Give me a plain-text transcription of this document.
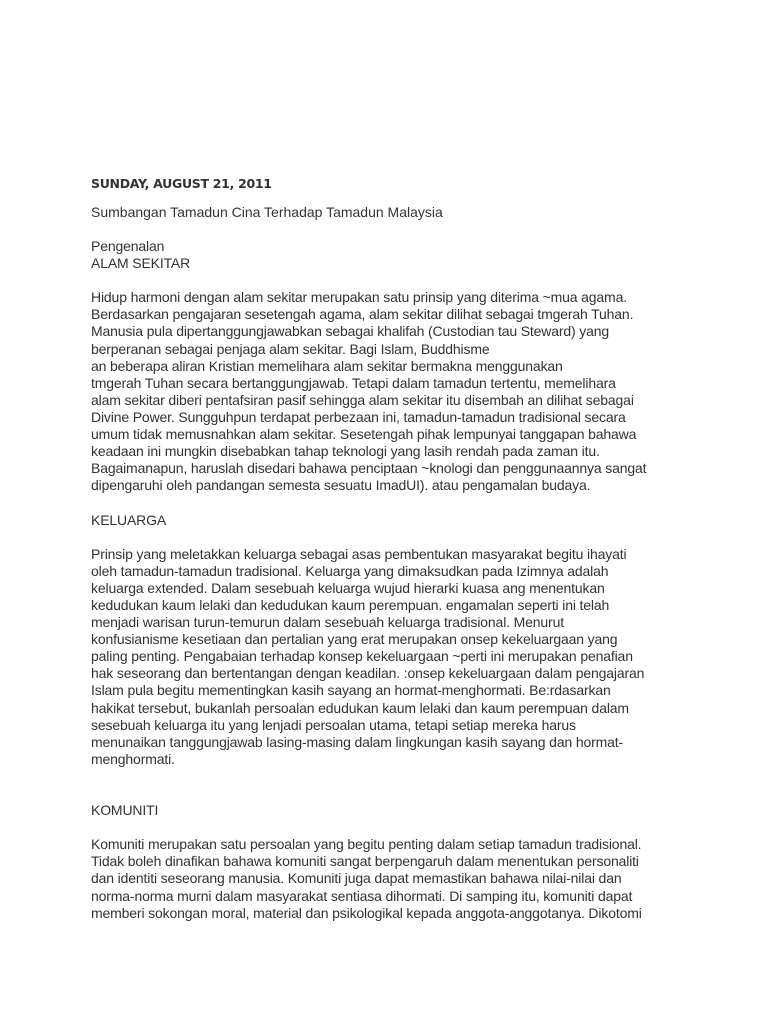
SUNDAY, AUGUST 21, 2011
Sumbangan Tamadun Cina Terhadap Tamadun Malaysia
Pengenalan
ALAM SEKITAR
Hidup harmoni dengan alam sekitar merupakan satu prinsip yang diterima ~mua agama.
Berdasarkan pengajaran sesetengah agama, alam sekitar dilihat sebagai tmgerah Tuhan.
Manusia pula dipertanggungjawabkan sebagai khalifah (Custodian tau Steward) yang
berperanan sebagai penjaga alam sekitar. Bagi Islam, Buddhisme
an beberapa aliran Kristian memelihara alam sekitar bermakna menggunakan
tmgerah Tuhan secara bertanggungjawab. Tetapi dalam tamadun tertentu, memelihara
alam sekitar diberi pentafsiran pasif sehingga alam sekitar itu disembah an dilihat sebagai
Divine Power. Sungguhpun terdapat perbezaan ini, tamadun-tamadun tradisional secara
umum tidak memusnahkan alam sekitar. Sesetengah pihak lempunyai tanggapan bahawa
keadaan ini mungkin disebabkan tahap teknologi yang lasih rendah pada zaman itu.
Bagaimanapun, haruslah disedari bahawa penciptaan ~knologi dan penggunaannya sangat
dipengaruhi oleh pandangan semesta sesuatu ImadUI). atau pengamalan budaya.
KELUARGA
Prinsip yang meletakkan keluarga sebagai asas pembentukan masyarakat begitu ihayati
oleh tamadun-tamadun tradisional. Keluarga yang dimaksudkan pada Izimnya adalah
keluarga extended. Dalam sesebuah keluarga wujud hierarki kuasa ang menentukan
kedudukan kaum lelaki dan kedudukan kaum perempuan. engamalan seperti ini telah
menjadi warisan turun-temurun dalam sesebuah keluarga tradisional. Menurut
konfusianisme kesetiaan dan pertalian yang erat merupakan onsep kekeluargaan yang
paling penting. Pengabaian terhadap konsep kekeluargaan ~perti ini merupakan penafian
hak seseorang dan bertentangan dengan keadilan. :onsep kekeluargaan dalam pengajaran
Islam pula begitu mementingkan kasih sayang an hormat-menghormati. Be:rdasarkan
hakikat tersebut, bukanlah persoalan edudukan kaum lelaki dan kaum perempuan dalam
sesebuah keluarga itu yang lenjadi persoalan utama, tetapi setiap mereka harus
menunaikan tanggungjawab lasing-masing dalam lingkungan kasih sayang dan hormat-
menghormati.
KOMUNITI
Komuniti merupakan satu persoalan yang begitu penting dalam setiap tamadun tradisional.
Tidak boleh dinafikan bahawa komuniti sangat berpengaruh dalam menentukan personaliti
dan identiti seseorang manusia. Komuniti juga dapat memastikan bahawa nilai-nilai dan
norma-norma murni dalam masyarakat sentiasa dihormati. Di samping itu, komuniti dapat
memberi sokongan moral, material dan psikologikal kepada anggota-anggotanya. Dikotomi
